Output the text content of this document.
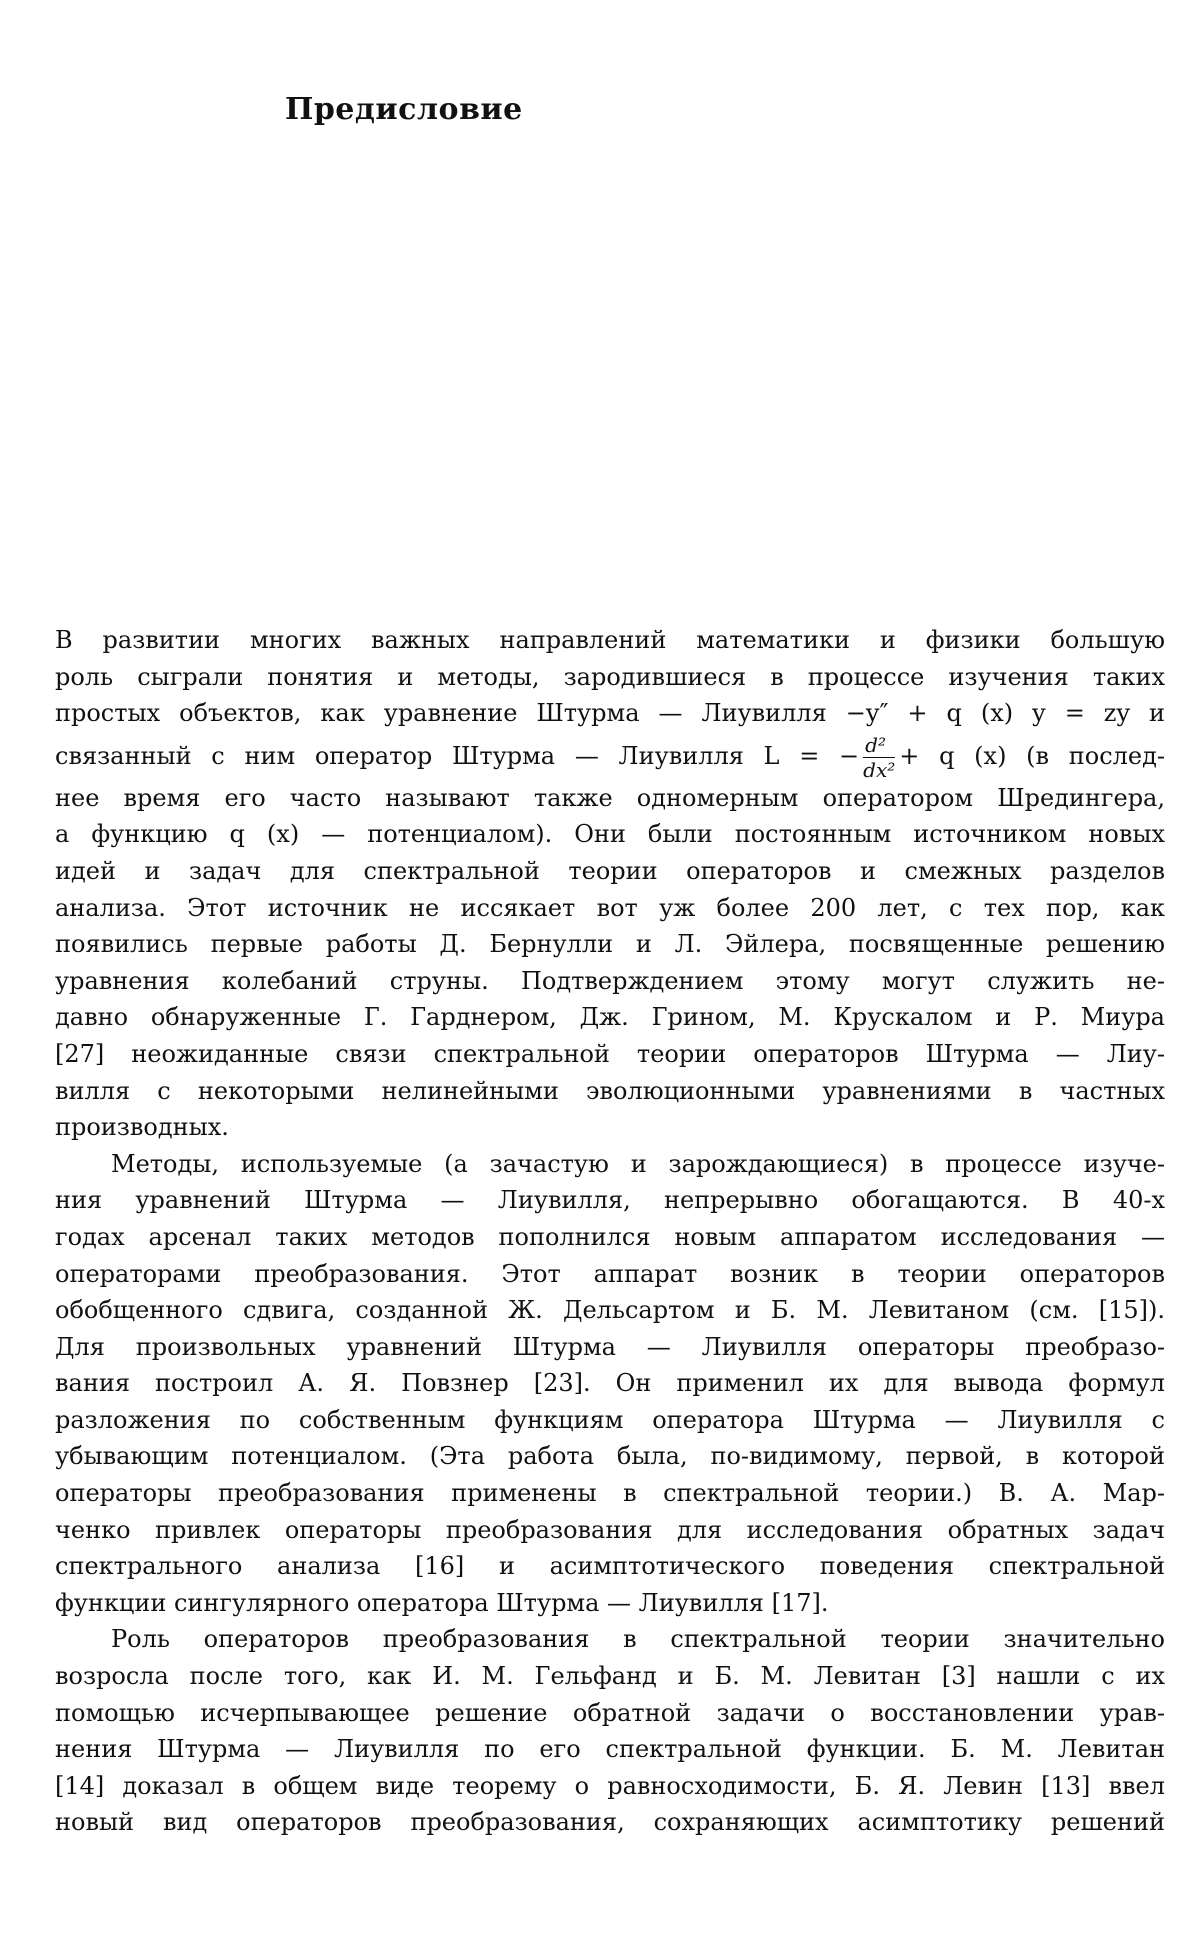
Предисловие
В развитии многих важных направлений математики и физики большую
роль сыграли понятия и методы, зародившиеся в процессе изучения таких
простых объектов, как уравнение Штурма — Лиувилля −y″ + q (x) y = zy и
связанный с ним оператор Штурма — Лиувилля L = − $\frac{\text{d²}}{\text{dx²}} + q$ (x) (в послед-
нее время его часто называют также одномерным оператором Шредингера,
а функцию q (x) — потенциалом). Они были постоянным источником новых
идей и задач для спектральной теории операторов и смежных разделов
анализа. Этот источник не иссякает вот уж более 200 лет, с тех пор, как
появились первые работы Д. Бернулли и Л. Эйлера, посвященные решению
уравнения колебаний струны. Подтверждением этому могут служить не-
давно обнаруженные Г. Гарднером, Дж. Грином, М. Крускалом и Р. Миура
[27] неожиданные связи спектральной теории операторов Штурма — Лиу-
вилля с некоторыми нелинейными эволюционными уравнениями в частных
производных.
Методы, используемые (а зачастую и зарождающиеся) в процессе изуче-
ния уравнений Штурма — Лиувилля, непрерывно обогащаются. В 40-х
годах арсенал таких методов пополнился новым аппаратом исследования —
операторами преобразования. Этот аппарат возник в теории операторов
обобщенного сдвига, созданной Ж. Дельсартом и Б. М. Левитаном (см. [15]).
Для произвольных уравнений Штурма — Лиувилля операторы преобразо-
вания построил А. Я. Повзнер [23]. Он применил их для вывода формул
разложения по собственным функциям оператора Штурма — Лиувилля с
убывающим потенциалом. (Эта работа была, по-видимому, первой, в которой
операторы преобразования применены в спектральной теории.) В. А. Мар-
ченко привлек операторы преобразования для исследования обратных задач
спектрального анализа [16] и асимптотического поведения спектральной
функции сингулярного оператора Штурма — Лиувилля [17].
Роль операторов преобразования в спектральной теории значительно
возросла после того, как И. М. Гельфанд и Б. М. Левитан [3] нашли с их
помощью исчерпывающее решение обратной задачи о восстановлении урав-
нения Штурма — Лиувилля по его спектральной функции. Б. М. Левитан
[14] доказал в общем виде теорему о равносходимости, Б. Я. Левин [13] ввел
новый вид операторов преобразования, сохраняющих асимптотику решений
